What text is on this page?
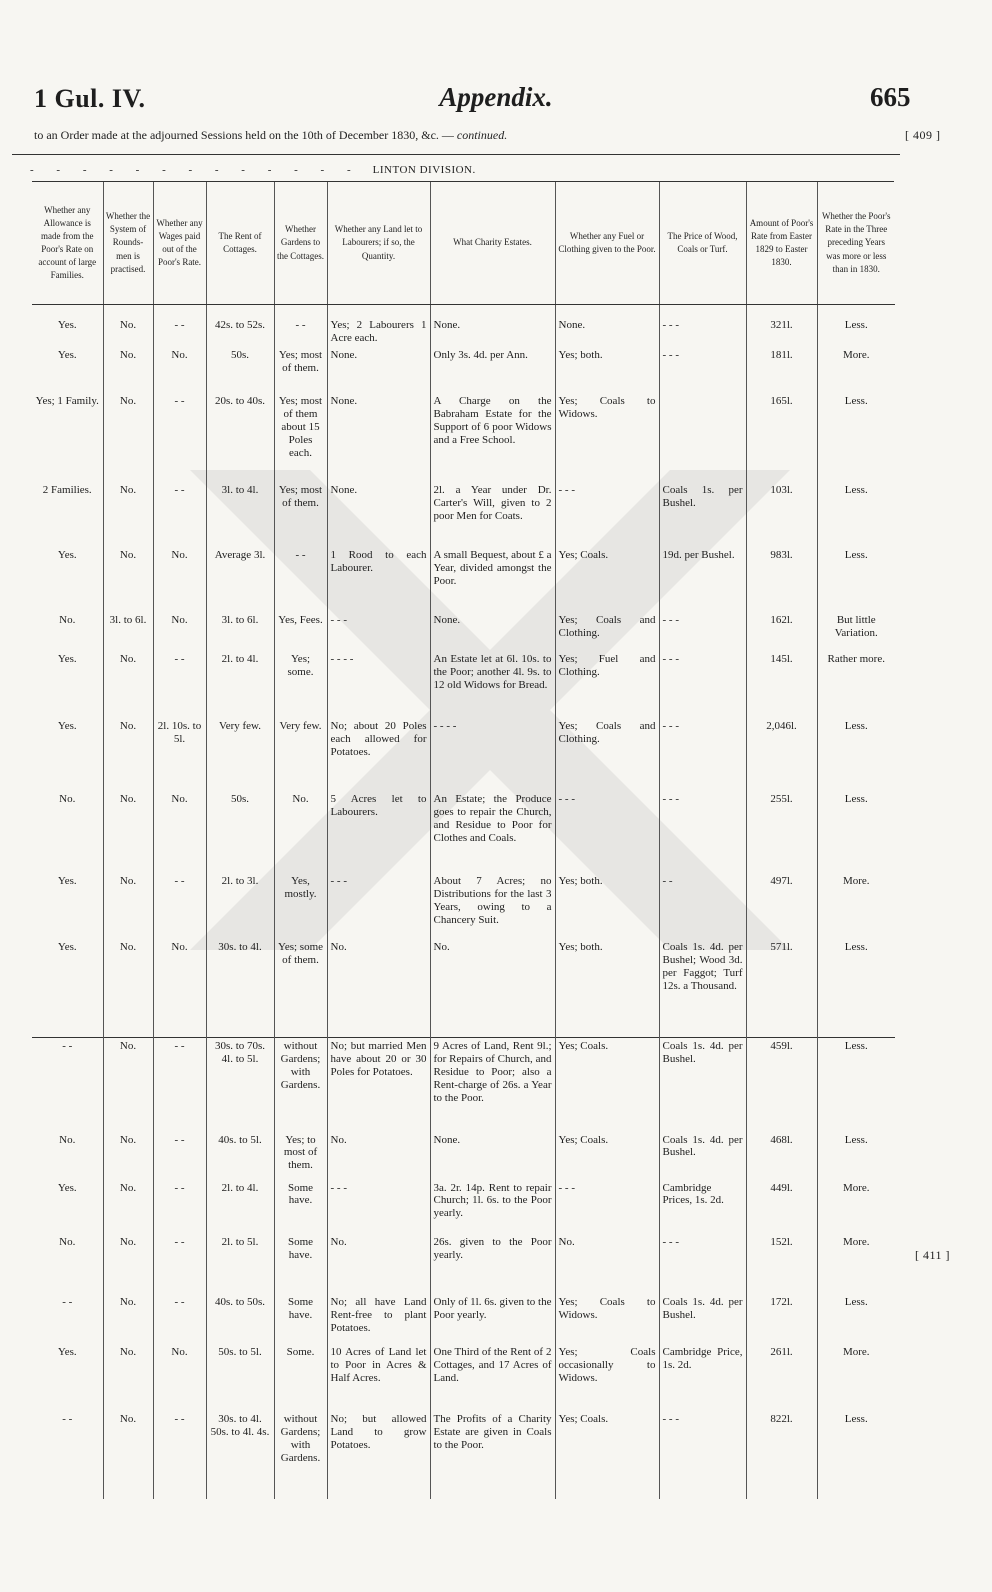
1 Gul. IV.	Appendix.	665
to an Order made at the adjourned Sessions held on the 10th of December 1830, &c. — continued.	[ 409 ]
[ 411 ]
- - - - - - - - - - - - - LINTON DIVISION.
Whether any Allowance is made from the Poor's Rate on account of large Families.	Whether the System of Rounds-men is practised.	Whether any Wages paid out of the Poor's Rate.	The Rent of Cottages.	Whether Gardens to the Cottages.	Whether any Land let to Labourers; if so, the Quantity.	What Charity Estates.	Whether any Fuel or Clothing given to the Poor.	The Price of Wood, Coals or Turf.	Amount of Poor's Rate from Easter 1829 to Easter 1830.	Whether the Poor's Rate in the Three preceding Years was more or less than in 1830.
Yes.	No.	- -	42s. to 52s.	- -	Yes; 2 Labourers 1 Acre each.	None.	None.	- - -	321l.	Less.
Yes.	No.	No.	50s.	Yes; most of them.	None.	Only 3s. 4d. per Ann.	Yes; both.	- - -	181l.	More.
Yes; 1 Family.	No.	- -	20s. to 40s.	Yes; most of them about 15 Poles each.	None.	A Charge on the Babraham Estate for the Support of 6 poor Widows and a Free School.	Yes; Coals to Widows.		165l.	Less.
2 Families.	No.	- -	3l. to 4l.	Yes; most of them.	None.	2l. a Year under Dr. Carter's Will, given to 2 poor Men for Coats.	- - -	Coals 1s. per Bushel.	103l.	Less.
Yes.	No.	No.	Average 3l.	- -	1 Rood to each Labourer.	A small Bequest, about £ a Year, divided amongst the Poor.	Yes; Coals.	19d. per Bushel.	983l.	Less.
No.	3l. to 6l.	No.	3l. to 6l.	Yes, Fees.	- - -	None.	Yes; Coals and Clothing.	- - -	162l.	But little Variation.
Yes.	No.	- -	2l. to 4l.	Yes; some.	- - - -	An Estate let at 6l. 10s. to the Poor; another 4l. 9s. to 12 old Widows for Bread.	Yes; Fuel and Clothing.	- - -	145l.	Rather more.
Yes.	No.	2l. 10s. to 5l.	Very few.	Very few.	No; about 20 Poles each allowed for Potatoes.	- - - -	Yes; Coals and Clothing.	- - -	2,046l.	Less.
No.	No.	No.	50s.	No.	5 Acres let to Labourers.	An Estate; the Produce goes to repair the Church, and Residue to Poor for Clothes and Coals.	- - -	- - -	255l.	Less.
Yes.	No.	- -	2l. to 3l.	Yes, mostly.	- - -	About 7 Acres; no Distributions for the last 3 Years, owing to a Chancery Suit.	Yes; both.	- -	497l.	More.
Yes.	No.	No.	30s. to 4l.	Yes; some of them.	No.	No.	Yes; both.	Coals 1s. 4d. per Bushel; Wood 3d. per Faggot; Turf 12s. a Thousand.	571l.	Less.
- -	No.	- -	30s. to 70s. 4l. to 5l.	without Gardens; with Gardens.	No; but married Men have about 20 or 30 Poles for Potatoes.	9 Acres of Land, Rent 9l.; for Repairs of Church, and Residue to Poor; also a Rent-charge of 26s. a Year to the Poor.	Yes; Coals.	Coals 1s. 4d. per Bushel.	459l.	Less.
No.	No.	- -	40s. to 5l.	Yes; to most of them.	No.	None.	Yes; Coals.	Coals 1s. 4d. per Bushel.	468l.	Less.
Yes.	No.	- -	2l. to 4l.	Some have.	- - -	3a. 2r. 14p. Rent to repair Church; 1l. 6s. to the Poor yearly.	- - -	Cambridge Prices, 1s. 2d.	449l.	More.
No.	No.	- -	2l. to 5l.	Some have.	No.	26s. given to the Poor yearly.	No.	- - -	152l.	More.
- -	No.	- -	40s. to 50s.	Some have.	No; all have Land Rent-free to plant Potatoes.	Only of 1l. 6s. given to the Poor yearly.	Yes; Coals to Widows.	Coals 1s. 4d. per Bushel.	172l.	Less.
Yes.	No.	No.	50s. to 5l.	Some.	10 Acres of Land let to Poor in Acres & Half Acres.	One Third of the Rent of 2 Cottages, and 17 Acres of Land.	Yes; Coals occasionally to Widows.	Cambridge Price, 1s. 2d.	261l.	More.
- -	No.	- -	30s. to 4l. 50s. to 4l. 4s.	without Gardens; with Gardens.	No; but allowed Land to grow Potatoes.	The Profits of a Charity Estate are given in Coals to the Poor.	Yes; Coals.	- - -	822l.	Less.
